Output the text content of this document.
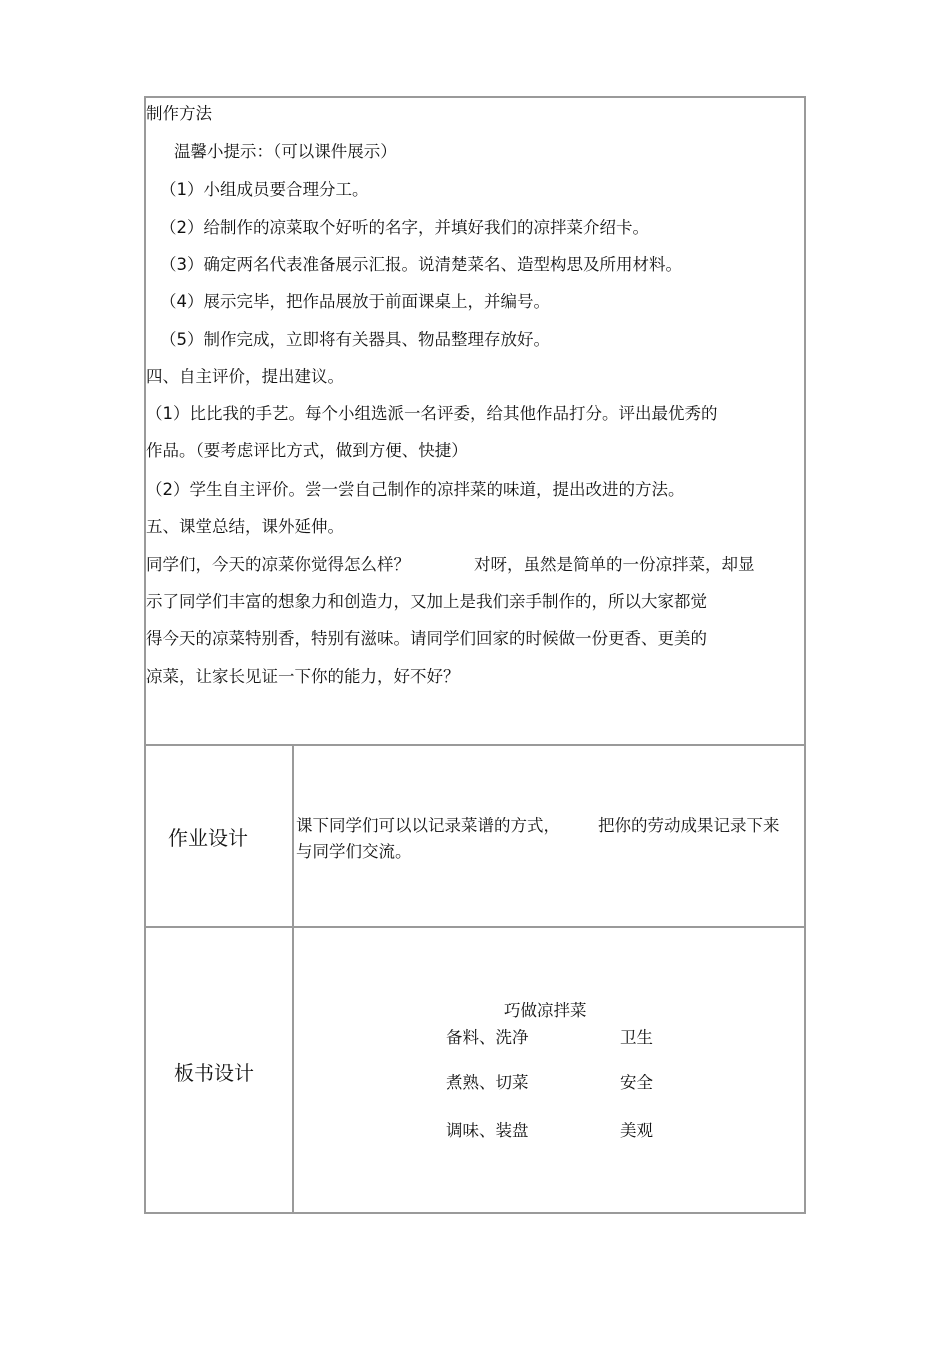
制作方法
温馨小提示：（可以课件展示）
（1）小组成员要合理分工。
（2）给制作的凉菜取个好听的名字，并填好我们的凉拌菜介绍卡。
（3）确定两名代表准备展示汇报。说清楚菜名、造型构思及所用材料。
（4）展示完毕，把作品展放于前面课桌上，并编号。
（5）制作完成，立即将有关器具、物品整理存放好。
四、自主评价，提出建议。
（1）比比我的手艺。每个小组选派一名评委，给其他作品打分。评出最优秀的
作品。（要考虑评比方式，做到方便、快捷）
（2）学生自主评价。尝一尝自己制作的凉拌菜的味道，提出改进的方法。
五、课堂总结，课外延伸。
同学们，今天的凉菜你觉得怎么样？	对呀，虽然是简单的一份凉拌菜，却显
示了同学们丰富的想象力和创造力，又加上是我们亲手制作的，所以大家都觉
得今天的凉菜特别香，特别有滋味。请同学们回家的时候做一份更香、更美的
凉菜，让家长见证一下你的能力，好不好？
作业设计
课下同学们可以以记录菜谱的方式， 把你的劳动成果记录下来
与同学们交流。
板书设计
巧做凉拌菜
备料、洗净	卫生
煮熟、切菜	安全
调味、装盘	美观
